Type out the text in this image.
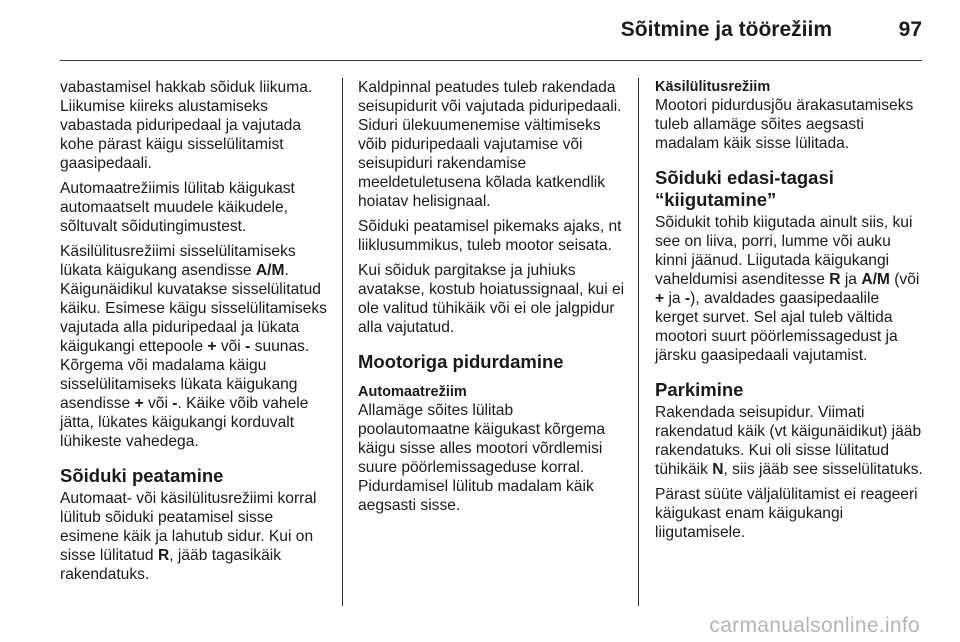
Sõitmine ja töörežiim	97

vabastamisel hakkab sõiduk liikuma. Liikumise kiireks alustamiseks vabastada piduripedaal ja vajutada kohe pärast käigu sisselülitamist gaasipedaali.

Automaatrežiimis lülitab käigukast automaatselt muudele käikudele, sõltuvalt sõidutingimustest.

Käsilülitusrežiimi sisselülitamiseks lükata käigukang asendisse A/M. Käigunäidikul kuvatakse sisselülitatud käiku. Esimese käigu sisselülitamiseks vajutada alla piduripedaal ja lükata käigukangi ettepoole + või - suunas. Kõrgema või madalama käigu sisselülitamiseks lükata käigukang asendisse + või -. Käike võib vahele jätta, lükates käigukangi korduvalt lühikeste vahedega.

Sõiduki peatamine

Automaat- või käsilülitusrežiimi korral lülitub sõiduki peatamisel sisse esimene käik ja lahutub sidur. Kui on sisse lülitatud R, jääb tagasikäik rakendatuks.

Kaldpinnal peatudes tuleb rakendada seisupidurit või vajutada piduripedaali. Siduri ülekuumenemise vältimiseks võib piduripedaali vajutamise või seisupiduri rakendamise meeldetuletusena kõlada katkendlik hoiatav helisignaal.

Sõiduki peatamisel pikemaks ajaks, nt liiklusummikus, tuleb mootor seisata.

Kui sõiduk pargitakse ja juhiuks avatakse, kostub hoiatussignaal, kui ei ole valitud tühikäik või ei ole jalgpidur alla vajutatud.

Mootoriga pidurdamine
Automaatrežiim

Allamäge sõites lülitab poolautomaatne käigukast kõrgema käigu sisse alles mootori võrdlemisi suure pöörlemissageduse korral. Pidurdamisel lülitub madalam käik aegsasti sisse.

Käsilülitusrežiim

Mootori pidurdusjõu ärakasutamiseks tuleb allamäge sõites aegsasti madalam käik sisse lülitada.

Sõiduki edasi-tagasi “kiigutamine”

Sõidukit tohib kiigutada ainult siis, kui see on liiva, porri, lumme või auku kinni jäänud. Liigutada käigukangi vaheldumisi asenditesse R ja A/M (või + ja -), avaldades gaasipedaalile kerget survet. Sel ajal tuleb vältida mootori suurt pöörlemissagedust ja järsku gaasipedaali vajutamist.

Parkimine

Rakendada seisupidur. Viimati rakendatud käik (vt käigunäidikut) jääb rakendatuks. Kui oli sisse lülitatud tühikäik N, siis jääb see sisselülitatuks.

Pärast süüte väljalülitamist ei reageeri käigukast enam käigukangi liigutamisele.

carmanualsonline.info
